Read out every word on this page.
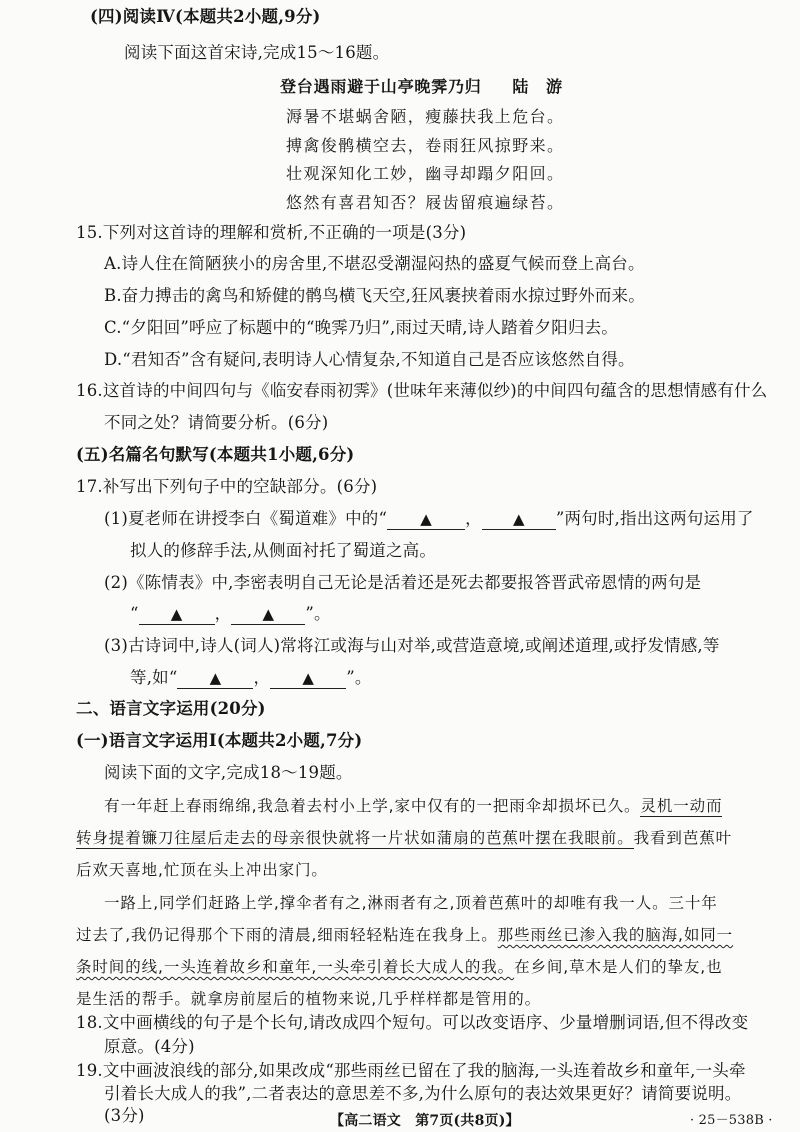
(四)阅读Ⅳ(本题共2小题,9分)
阅读下面这首宋诗,完成15～16题。
登台遇雨避于山亭晚霁乃归 陆　游
溽暑不堪蜗舍陋，瘦藤扶我上危台。
搏禽俊鹘横空去，卷雨狂风掠野来。
壮观深知化工妙，幽寻却蹋夕阳回。
悠然有喜君知否？屐齿留痕遍绿苔。
15.下列对这首诗的理解和赏析,不正确的一项是(3分)
A.诗人住在简陋狭小的房舍里,不堪忍受潮湿闷热的盛夏气候而登上高台。
B.奋力搏击的禽鸟和矫健的鹘鸟横飞天空,狂风裹挟着雨水掠过野外而来。
C.“夕阳回”呼应了标题中的“晚霁乃归”,雨过天晴,诗人踏着夕阳归去。
D.“君知否”含有疑问,表明诗人心情复杂,不知道自己是否应该悠然自得。
16.这首诗的中间四句与《临安春雨初霁》(世味年来薄似纱)的中间四句蕴含的思想情感有什么
不同之处？请简要分析。(6分)
(五)名篇名句默写(本题共1小题,6分)
17.补写出下列句子中的空缺部分。(6分)
(1)夏老师在讲授李白《蜀道难》中的“ ▲ ， ▲ ”两句时,指出这两句运用了
拟人的修辞手法,从侧面衬托了蜀道之高。
(2)《陈情表》中,李密表明自己无论是活着还是死去都要报答晋武帝恩情的两句是
“ ▲ ， ▲ ”。
(3)古诗词中,诗人(词人)常将江或海与山对举,或营造意境,或阐述道理,或抒发情感,等
等,如“ ▲ ， ▲ ”。
二、语言文字运用(20分)
(一)语言文字运用Ⅰ(本题共2小题,7分)
阅读下面的文字,完成18～19题。
有一年赶上春雨绵绵,我急着去村小上学,家中仅有的一把雨伞却损坏已久。灵机一动而
转身提着镰刀往屋后走去的母亲很快就将一片状如蒲扇的芭蕉叶摆在我眼前。我看到芭蕉叶
后欢天喜地,忙顶在头上冲出家门。
一路上,同学们赶路上学,撑伞者有之,淋雨者有之,顶着芭蕉叶的却唯有我一人。三十年
过去了,我仍记得那个下雨的清晨,细雨轻轻粘连在我身上。那些雨丝已渗入我的脑海,如同一
条时间的线,一头连着故乡和童年,一头牵引着长大成人的我。在乡间,草木是人们的挚友,也
是生活的帮手。就拿房前屋后的植物来说,几乎样样都是管用的。
18.文中画横线的句子是个长句,请改成四个短句。可以改变语序、少量增删词语,但不得改变
原意。(4分)
19.文中画波浪线的部分,如果改成“那些雨丝已留在了我的脑海,一头连着故乡和童年,一头牵
引着长大成人的我”,二者表达的意思差不多,为什么原句的表达效果更好？请简要说明。
【高二语文　第7页(共8页)】	· 25－538B ·
(3分)
